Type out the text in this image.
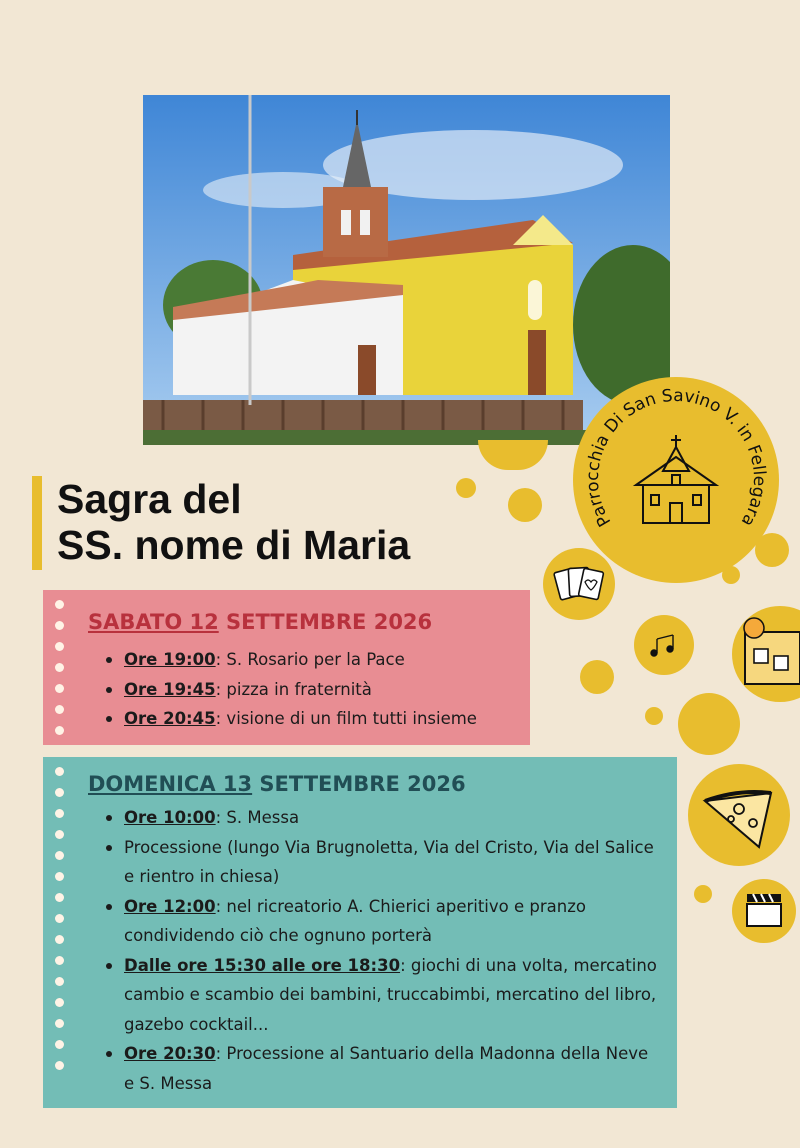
Sagra del
SS. nome di Maria
Parrocchia Di San Savino V. in Fellegara
SABATO 12 SETTEMBRE 2026
Ore 19:00: S. Rosario per la Pace
Ore 19:45: pizza in fraternità
Ore 20:45: visione di un film tutti insieme
DOMENICA 13 SETTEMBRE 2026
Ore 10:00: S. Messa
Processione (lungo Via Brugnoletta, Via del Cristo, Via del Salice e rientro in chiesa)
Ore 12:00: nel ricreatorio A. Chierici aperitivo e pranzo condividendo ciò che ognuno porterà
Dalle ore 15:30 alle ore 18:30: giochi di una volta, mercatino cambio e scambio dei bambini, truccabimbi, mercatino del libro, gazebo cocktail...
Ore 20:30: Processione al Santuario della Madonna della Neve e S. Messa
